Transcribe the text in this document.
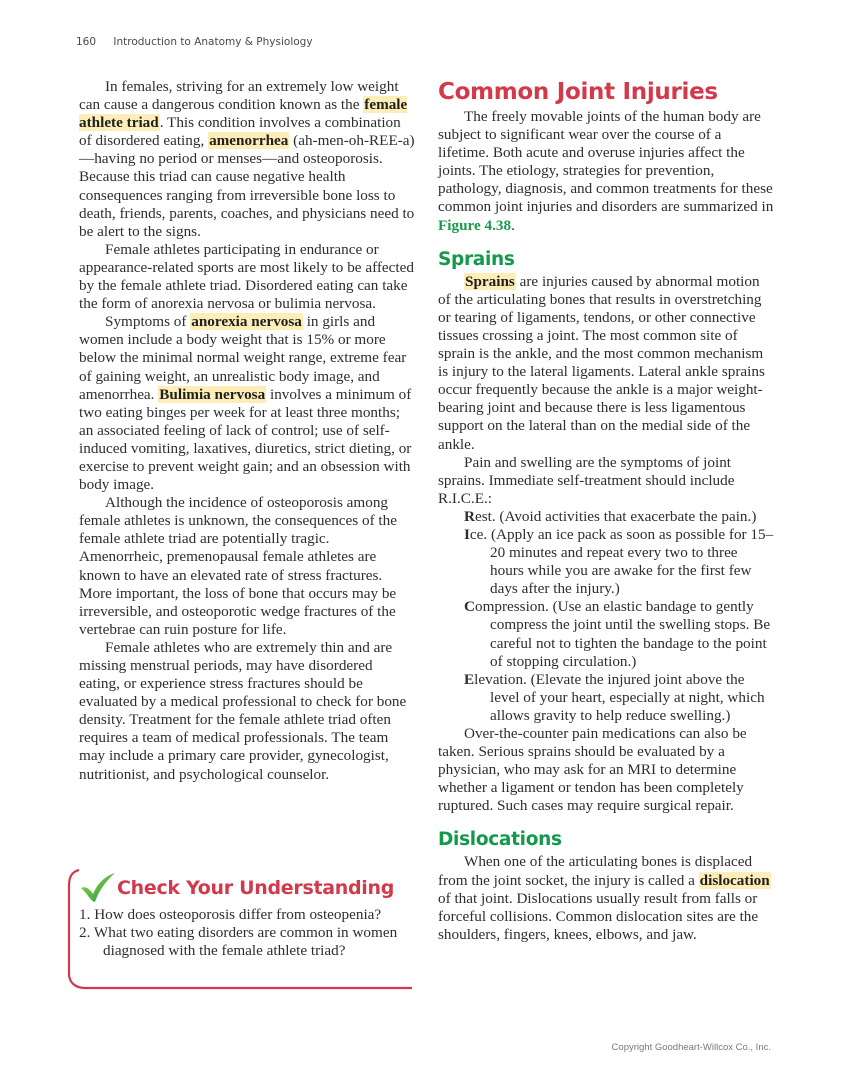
160 Introduction to Anatomy & Physiology

In females, striving for an extremely low weight can cause a dangerous condition known as the female athlete triad. This condition involves a combination of disordered eating, amenorrhea (ah-men-oh-REE-a)—having no period or menses—and osteoporosis. Because this triad can cause negative health consequences ranging from irreversible bone loss to death, friends, parents, coaches, and physicians need to be alert to the signs.

Female athletes participating in endurance or appearance-related sports are most likely to be affected by the female athlete triad. Disordered eating can take the form of anorexia nervosa or bulimia nervosa.

Symptoms of anorexia nervosa in girls and women include a body weight that is 15% or more below the minimal normal weight range, extreme fear of gaining weight, an unrealistic body image, and amenorrhea. Bulimia nervosa involves a minimum of two eating binges per week for at least three months; an associated feeling of lack of control; use of self-induced vomiting, laxatives, diuretics, strict dieting, or exercise to prevent weight gain; and an obsession with body image.

Although the incidence of osteoporosis among female athletes is unknown, the consequences of the female athlete triad are potentially tragic. Amenorrheic, premenopausal female athletes are known to have an elevated rate of stress fractures. More important, the loss of bone that occurs may be irreversible, and osteoporotic wedge fractures of the vertebrae can ruin posture for life.

Female athletes who are extremely thin and are missing menstrual periods, may have disordered eating, or experience stress fractures should be evaluated by a medical professional to check for bone density. Treatment for the female athlete triad often requires a team of medical professionals. The team may include a primary care provider, gynecologist, nutritionist, and psychological counselor.

Check Your Understanding
1. How does osteoporosis differ from osteopenia?
2. What two eating disorders are common in women diagnosed with the female athlete triad?
Common Joint Injuries

The freely movable joints of the human body are subject to significant wear over the course of a lifetime. Both acute and overuse injuries affect the joints. The etiology, strategies for prevention, pathology, diagnosis, and common treatments for these common joint injuries and disorders are summarized in Figure 4.38.

Sprains

Sprains are injuries caused by abnormal motion of the articulating bones that results in overstretching or tearing of ligaments, tendons, or other connective tissues crossing a joint. The most common site of sprain is the ankle, and the most common mechanism is injury to the lateral ligaments. Lateral ankle sprains occur frequently because the ankle is a major weight-bearing joint and because there is less ligamentous support on the lateral than on the medial side of the ankle.

Pain and swelling are the symptoms of joint sprains. Immediate self-treatment should include R.I.C.E.:

Rest. (Avoid activities that exacerbate the pain.)
Ice. (Apply an ice pack as soon as possible for 15–20 minutes and repeat every two to three hours while you are awake for the first few days after the injury.)
Compression. (Use an elastic bandage to gently compress the joint until the swelling stops. Be careful not to tighten the bandage to the point of stopping circulation.)
Elevation. (Elevate the injured joint above the level of your heart, especially at night, which allows gravity to help reduce swelling.)

Over-the-counter pain medications can also be taken. Serious sprains should be evaluated by a physician, who may ask for an MRI to determine whether a ligament or tendon has been completely ruptured. Such cases may require surgical repair.

Dislocations

When one of the articulating bones is displaced from the joint socket, the injury is called a dislocation of that joint. Dislocations usually result from falls or forceful collisions. Common dislocation sites are the shoulders, fingers, knees, elbows, and jaw.

Copyright Goodheart-Willcox Co., Inc.
